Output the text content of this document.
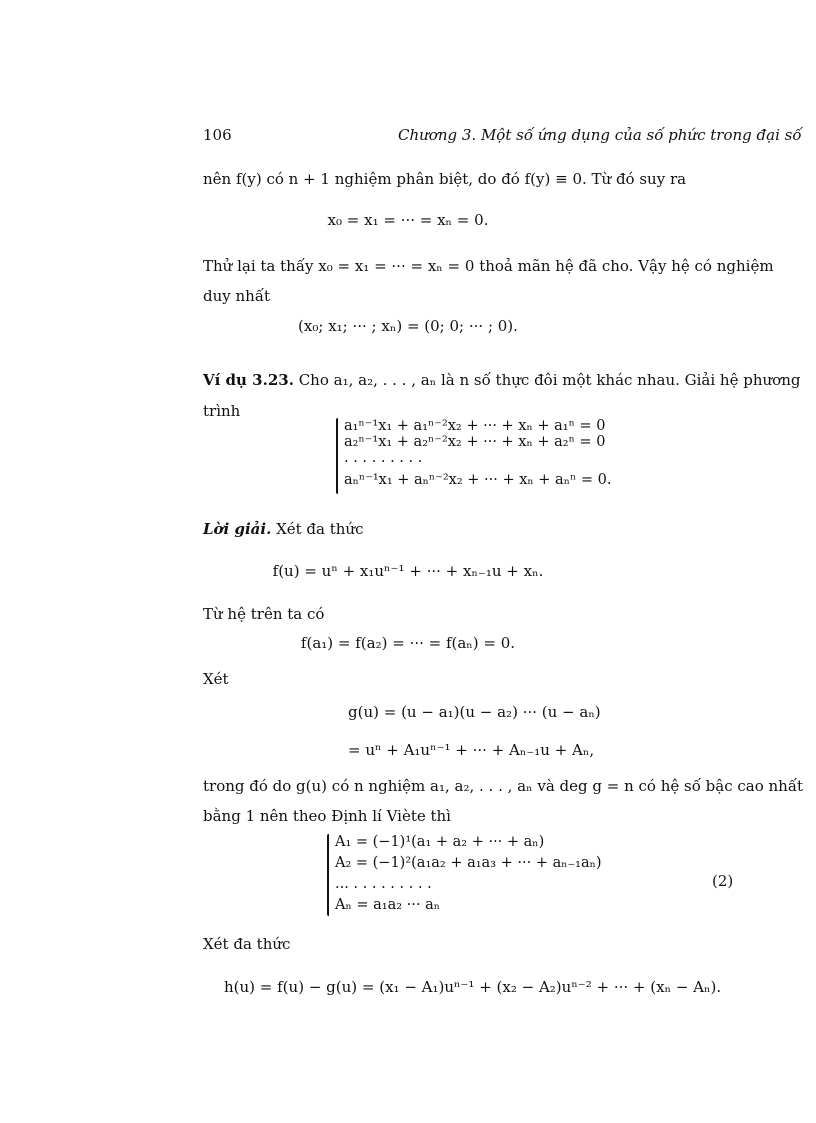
106	Chương 3. Một số ứng dụng của số phức trong đại số
nên f(y) có n + 1 nghiệm phân biệt, do đó f(y) ≡ 0. Từ đó suy ra
x₀ = x₁ = ··· = xₙ = 0.
Thử lại ta thấy x₀ = x₁ = ··· = xₙ = 0 thoả mãn hệ đã cho. Vậy hệ có nghiệm
duy nhất
(x₀; x₁; ··· ; xₙ) = (0; 0; ··· ; 0).
Ví dụ 3.23. Cho a₁, a₂, . . . , aₙ là n số thực đôi một khác nhau. Giải hệ phương
trình
a₁ⁿ⁻¹x₁ + a₁ⁿ⁻²x₂ + ··· + xₙ + a₁ⁿ = 0
a₂ⁿ⁻¹x₁ + a₂ⁿ⁻²x₂ + ··· + xₙ + a₂ⁿ = 0
. . . . . . . . .
aₙⁿ⁻¹x₁ + aₙⁿ⁻²x₂ + ··· + xₙ + aₙⁿ = 0.
Lời giải. Xét đa thức
f(u) = uⁿ + x₁uⁿ⁻¹ + ··· + xₙ₋₁u + xₙ.
Từ hệ trên ta có
f(a₁) = f(a₂) = ··· = f(aₙ) = 0.
Xét
g(u) = (u − a₁)(u − a₂) ··· (u − aₙ)
= uⁿ + A₁uⁿ⁻¹ + ··· + Aₙ₋₁u + Aₙ,
trong đó do g(u) có n nghiệm a₁, a₂, . . . , aₙ và deg g = n có hệ số bậc cao nhất
bằng 1 nên theo Định lí Viète thì
A₁ = (−1)¹(a₁ + a₂ + ··· + aₙ)
A₂ = (−1)²(a₁a₂ + a₁a₃ + ··· + aₙ₋₁aₙ)
... . . . . . . . . .
Aₙ = a₁a₂ ··· aₙ
(2)
Xét đa thức
h(u) = f(u) − g(u) = (x₁ − A₁)uⁿ⁻¹ + (x₂ − A₂)uⁿ⁻² + ··· + (xₙ − Aₙ).
